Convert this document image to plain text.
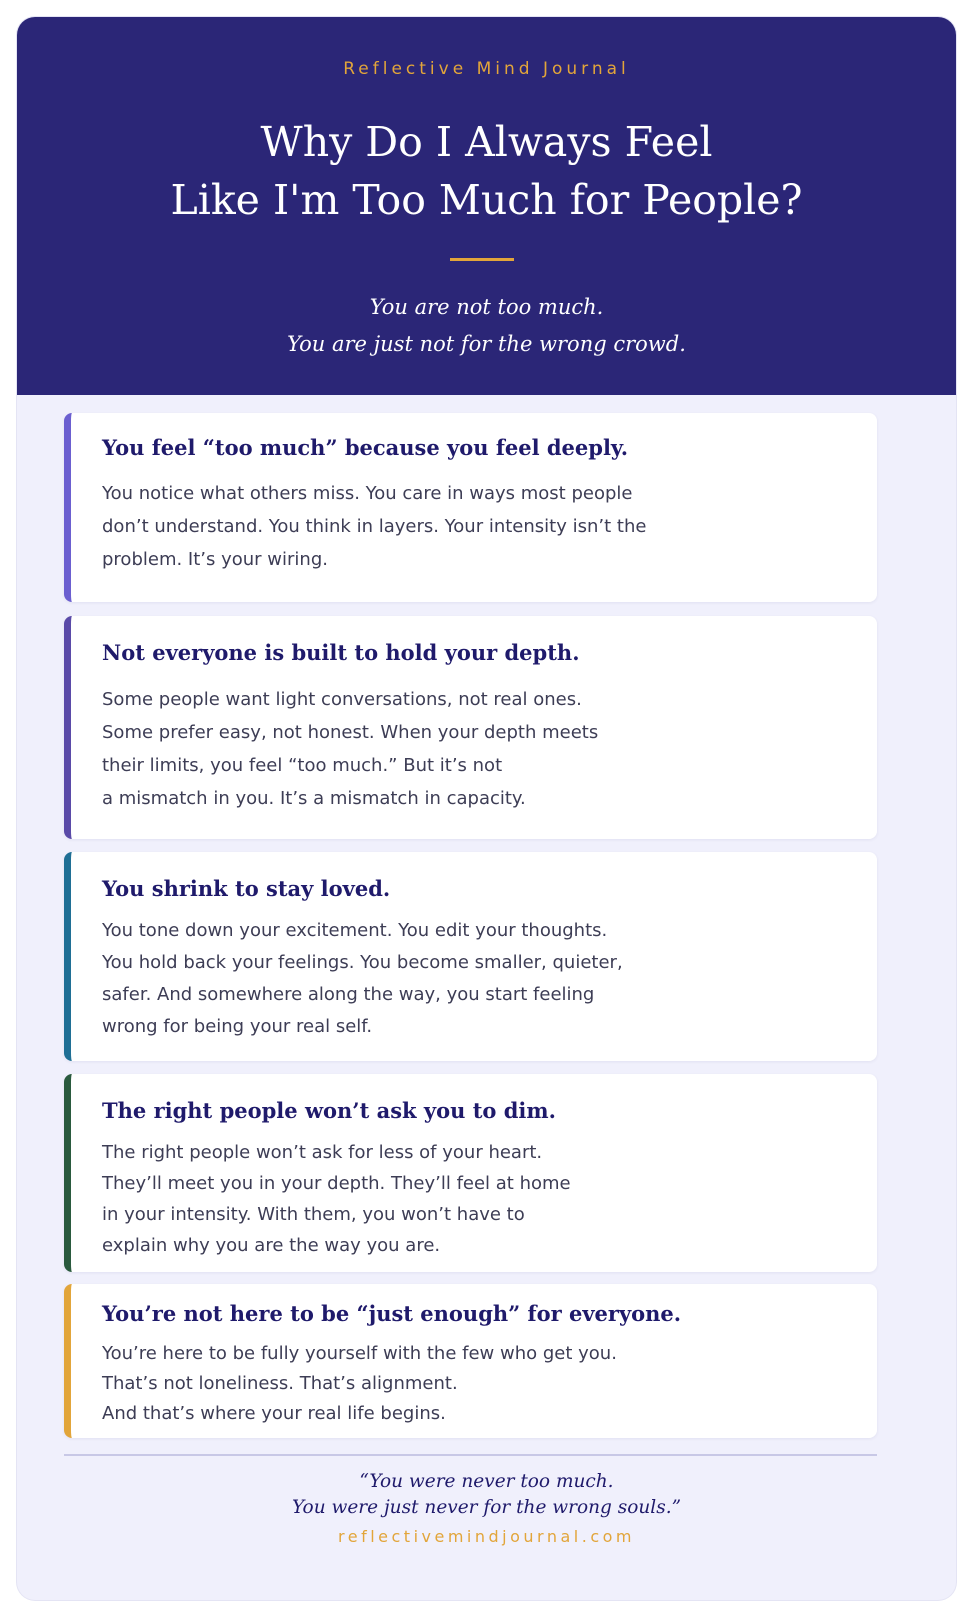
Reflective Mind Journal
Why Do I Always Feel
Like I'm Too Much for People?
You are not too much.
You are just not for the wrong crowd.
You feel “too much” because you feel deeply.

You notice what others miss. You care in ways most people
don’t understand. You think in layers. Your intensity isn’t the
problem. It’s your wiring.

Not everyone is built to hold your depth.

Some people want light conversations, not real ones.
Some prefer easy, not honest. When your depth meets
their limits, you feel “too much.” But it’s not
a mismatch in you. It’s a mismatch in capacity.

You shrink to stay loved.

You tone down your excitement. You edit your thoughts.
You hold back your feelings. You become smaller, quieter,
safer. And somewhere along the way, you start feeling
wrong for being your real self.

The right people won’t ask you to dim.

The right people won’t ask for less of your heart.
They’ll meet you in your depth. They’ll feel at home
in your intensity. With them, you won’t have to
explain why you are the way you are.

You’re not here to be “just enough” for everyone.

You’re here to be fully yourself with the few who get you.
That’s not loneliness. That’s alignment.
And that’s where your real life begins.

“You were never too much.
You were just never for the wrong souls.”
reflectivemindjournal.com
